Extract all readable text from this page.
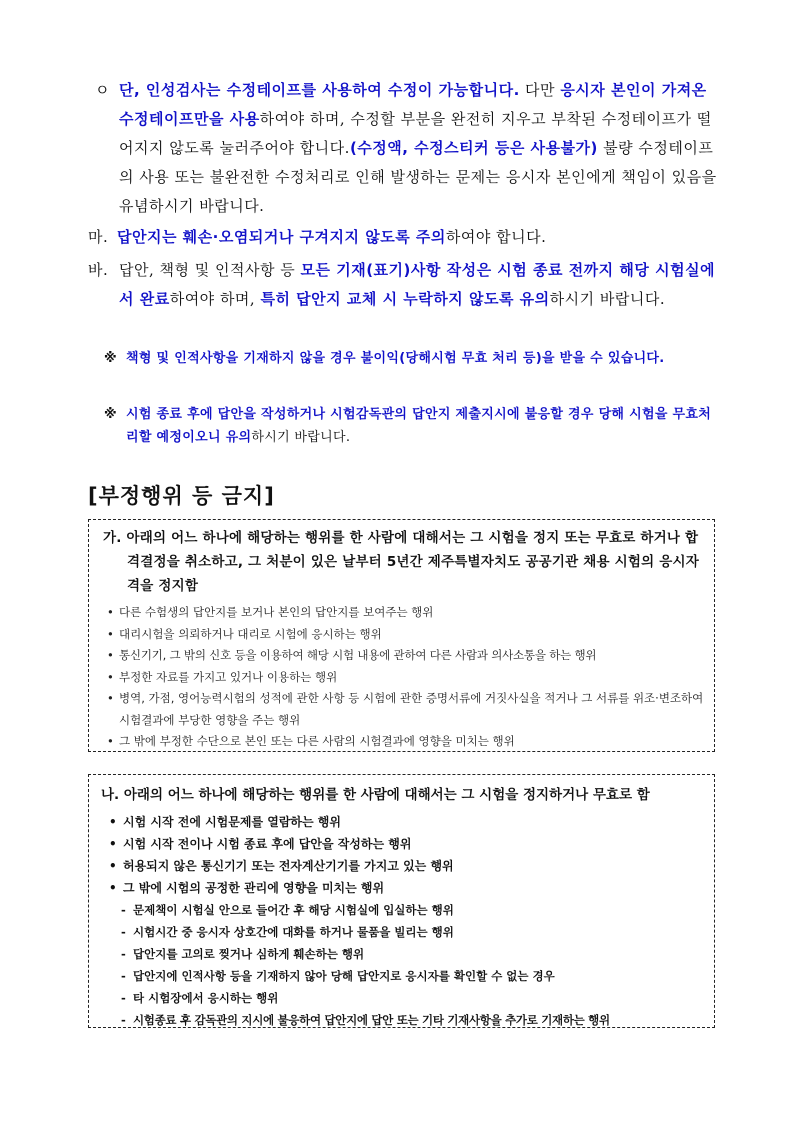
ㅇ 단, 인성검사는 수정테이프를 사용하여 수정이 가능합니다. 다만 응시자 본인이 가져온 수정테이프만을 사용하여야 하며, 수정할 부분을 완전히 지우고 부착된 수정테이프가 떨어지지 않도록 눌러주어야 합니다.(수정액, 수정스티커 등은 사용불가) 불량 수정테이프의 사용 또는 불완전한 수정처리로 인해 발생하는 문제는 응시자 본인에게 책임이 있음을 유념하시기 바랍니다.
마. 답안지는 훼손·오염되거나 구겨지지 않도록 주의하여야 합니다.
바. 답안, 책형 및 인적사항 등 모든 기재(표기)사항 작성은 시험 종료 전까지 해당 시험실에서 완료하여야 하며, 특히 답안지 교체 시 누락하지 않도록 유의하시기 바랍니다.
※ 책형 및 인적사항을 기재하지 않을 경우 불이익(당해시험 무효 처리 등)을 받을 수 있습니다.
※ 시험 종료 후에 답안을 작성하거나 시험감독관의 답안지 제출지시에 불응할 경우 당해 시험을 무효처리할 예정이오니 유의하시기 바랍니다.
[부정행위 등 금지]
가. 아래의 어느 하나에 해당하는 행위를 한 사람에 대해서는 그 시험을 정지 또는 무효로 하거나 합격결정을 취소하고, 그 처분이 있은 날부터 5년간 제주특별자치도 공공기관 채용 시험의 응시자격을 정지함
• 다른 수험생의 답안지를 보거나 본인의 답안지를 보여주는 행위
• 대리시험을 의뢰하거나 대리로 시험에 응시하는 행위
• 통신기기, 그 밖의 신호 등을 이용하여 해당 시험 내용에 관하여 다른 사람과 의사소통을 하는 행위
• 부정한 자료를 가지고 있거나 이용하는 행위
• 병역, 가점, 영어능력시험의 성적에 관한 사항 등 시험에 관한 증명서류에 거짓사실을 적거나 그 서류를 위조·변조하여 시험결과에 부당한 영향을 주는 행위
• 그 밖에 부정한 수단으로 본인 또는 다른 사람의 시험결과에 영향을 미치는 행위
나. 아래의 어느 하나에 해당하는 행위를 한 사람에 대해서는 그 시험을 정지하거나 무효로 함
• 시험 시작 전에 시험문제를 열람하는 행위
• 시험 시작 전이나 시험 종료 후에 답안을 작성하는 행위
• 허용되지 않은 통신기기 또는 전자계산기기를 가지고 있는 행위
• 그 밖에 시험의 공정한 관리에 영향을 미치는 행위
- 문제책이 시험실 안으로 들어간 후 해당 시험실에 입실하는 행위
- 시험시간 중 응시자 상호간에 대화를 하거나 물품을 빌리는 행위
- 답안지를 고의로 찢거나 심하게 훼손하는 행위
- 답안지에 인적사항 등을 기재하지 않아 당해 답안지로 응시자를 확인할 수 없는 경우
- 타 시험장에서 응시하는 행위
- 시험종료 후 감독관의 지시에 불응하여 답안지에 답안 또는 기타 기재사항을 추가로 기재하는 행위
